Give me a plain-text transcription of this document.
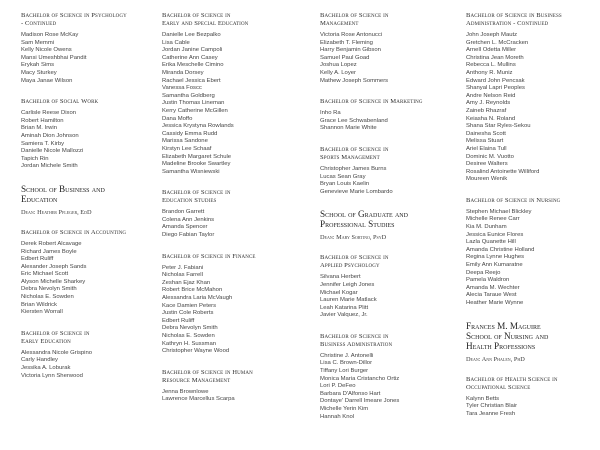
Bachelor of Science in Psychology
- Continued
Madison Rose McKay
Sam Memmi
Kelly Nicole Owens
Mansi Umeshbhai Pandit
Erykah Sims
Macy Sturkey
Maya Janae Wilson
Bachelor of Social Work
Carlisle Reese Dixon
Robert Hamilton
Brian M. Irwin
Aminah Dion Johnson
Samiera T. Kirby
Danielle Nicole Mallozzi
Tapich Rin
Jordan Michele Smith
School of Business and
Education
Dean: Heather Pfleger, EdD
Bachelor of Science in Accounting
Derek Robert Alcavage
Richard James Boyle
Edbert Ruliff
Alexander Joseph Sands
Eric Michael Scott
Alyson Michelle Sharkey
Debra Nevolyn Smith
Nicholas E. Sowden
Brian Wildrick
Kiersten Worrall
Bachelor of Science in
Early Education
Alessandra Nicole Grispino
Carly Handley
Jessika A. Loburak
Victoria Lynn Sherwood
Bachelor of Science in
Early and Special Education
Danielle Lee Bezpalko
Lisa Cable
Jordan Janine Campoli
Catherine Ann Casey
Erika Meschelle Cimino
Miranda Dorsey
Rachael Jessica Ebert
Vanessa Foscc
Samantha Goldberg
Justin Thomas Lineman
Kerry Catherine McGillen
Dana Moffo
Jessica Krystyna Rowlands
Cassidy Emma Rudd
Marissa Sandone
Kirstyn Lee Schaaf
Elizabeth Margaret Schule
Madeline Brooke Swartley
Samantha Wisniewski
Bachelor of Science in
Education Studies
Brandon Garrett
Colena Ann Jenkins
Amanda Spencer
Diego Fabian Taylor
Bachelor of Science in Finance
Peter J. Fabiani
Nicholas Farrell
Zeshan Ejaz Khan
Robert Brice McMahon
Alessandra Laria McVaugh
Kace Damien Peters
Justin Cole Roberts
Edbert Ruliff
Debra Nevolyn Smith
Nicholas E. Sowden
Kathryn H. Sussman
Christopher Wayne Wood
Bachelor of Science in Human
Resource Management
Jenna Brownlowe
Lawrence Marcellus Scarpa
Bachelor of Science in
Management
Victoria Rose Antonucci
Elizabeth T. Fleming
Harry Benjamin Gibson
Samuel Paul Goad
Joshua Lopez
Kelly A. Loyer
Mathew Joseph Sommers
Bachelor of Science in Marketing
Inho Ra
Grace Lee Schwabenland
Shannon Marie White
Bachelor of Science in
Sports Management
Christopher James Burns
Lucas Sean Gray
Bryan Louis Kaelin
Genevieve Marie Lombardo
School of Graduate and
Professional Studies
Dean: Mary Sortino, PsyD
Bachelor of Science in
Applied Psychology
Silvana Herbert
Jennifer Leigh Jones
Michael Kogar
Lauren Marie Matlack
Leah Katarina Plitt
Javier Valquez, Jr.
Bachelor of Science in
Business Administration
Christine J. Antonelli
Lisa C. Brown-Dillor
Tiffany Lori Burger
Monica Maria Cristancho Ortiz
Lori P. DeFeo
Barbara D'Alfonso Hart
Dontaye' Darrell Imeare Jones
Michelle Yerin Kim
Hannah Knol
Bachelor of Science in Business
Administration - Continued
John Joseph Mautz
Gretchen L. McCracken
Arnell Odetta Miller
Christina Jean Moreth
Rebecca L. Mullins
Anthony R. Muniz
Edward John Pencsak
Shanyal Lapri Peoples
Andre Nelson Reid
Amy J. Reynolds
Zaineb Rhazraf
Keiasha N. Roland
Shana Star Ryles-Sekou
Dainesha Scott
Melissa Stuart
Ariel Elaina Tull
Dominic M. Vuotto
Desiree Walters
Rosalind Antoinette Williford
Moureen Wenik
Bachelor of Science in Nursing
Stephen Michael Blickley
Michelle Renee Carr
Kia M. Dunham
Jessica Eunice Flores
Lazla Quanette Hill
Amanda Christine Holland
Regina Lynne Hughes
Emily Ann Kumaratne
Deepa Reejo
Pamela Waldron
Amanda M. Wechter
Alecia Taraue West
Heather Marie Wynne
Frances M. Maguire
School of Nursing and
Health Professions
Dean: Ann Phalen, PhD
Bachelor of Health Science in
Occupational Science
Kalynn Betts
Tyler Christian Blair
Tara Jeanne Fresh
